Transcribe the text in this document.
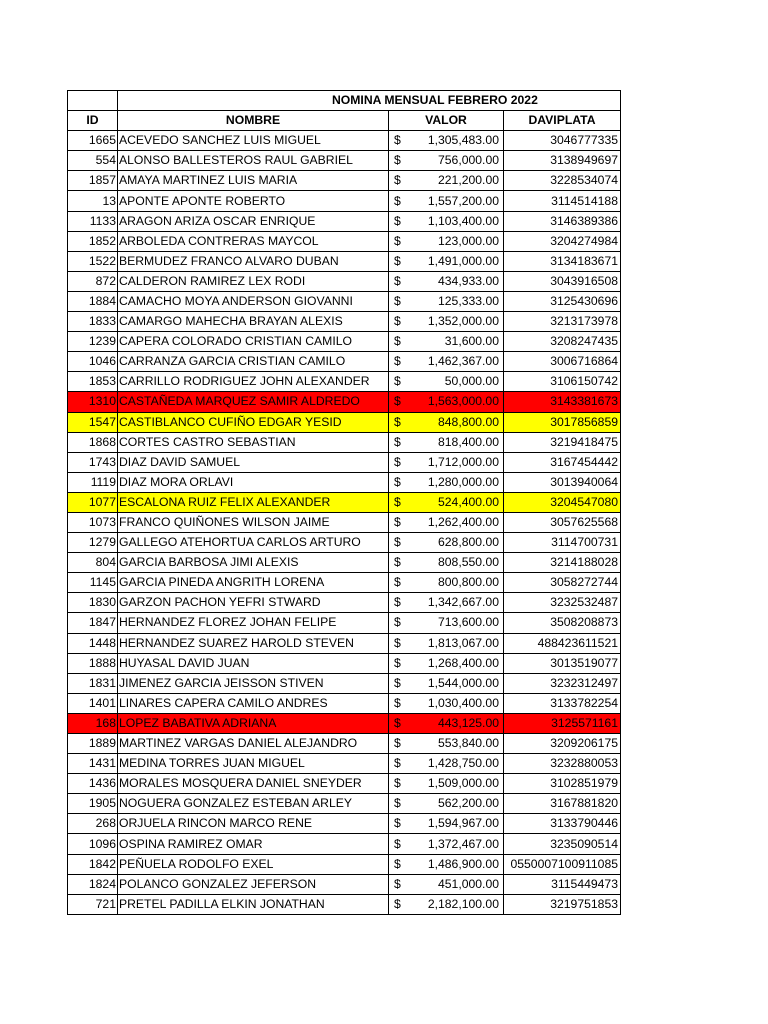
	NOMINA MENSUAL FEBRERO 2022			
ID	NOMBRE	VALOR		DAVIPLATA
1665	ACEVEDO SANCHEZ LUIS MIGUEL	$	1,305,483.00	3046777335
554	ALONSO BALLESTEROS RAUL GABRIEL	$	756,000.00	3138949697
1857	AMAYA MARTINEZ LUIS MARIA	$	221,200.00	3228534074
13	APONTE APONTE ROBERTO	$	1,557,200.00	3114514188
1133	ARAGON ARIZA OSCAR ENRIQUE	$	1,103,400.00	3146389386
1852	ARBOLEDA CONTRERAS MAYCOL	$	123,000.00	3204274984
1522	BERMUDEZ FRANCO ALVARO DUBAN	$	1,491,000.00	3134183671
872	CALDERON RAMIREZ LEX RODI	$	434,933.00	3043916508
1884	CAMACHO MOYA ANDERSON GIOVANNI	$	125,333.00	3125430696
1833	CAMARGO MAHECHA BRAYAN ALEXIS	$	1,352,000.00	3213173978
1239	CAPERA COLORADO CRISTIAN CAMILO	$	31,600.00	3208247435
1046	CARRANZA GARCIA CRISTIAN CAMILO	$	1,462,367.00	3006716864
1853	CARRILLO RODRIGUEZ JOHN ALEXANDER	$	50,000.00	3106150742
1310	CASTAÑEDA MARQUEZ SAMIR ALDREDO	$	1,563,000.00	3143381673
1547	CASTIBLANCO CUFIÑO EDGAR YESID	$	848,800.00	3017856859
1868	CORTES CASTRO SEBASTIAN	$	818,400.00	3219418475
1743	DIAZ DAVID SAMUEL	$	1,712,000.00	3167454442
1119	DIAZ MORA ORLAVI	$	1,280,000.00	3013940064
1077	ESCALONA RUIZ FELIX ALEXANDER	$	524,400.00	3204547080
1073	FRANCO QUIÑONES WILSON JAIME	$	1,262,400.00	3057625568
1279	GALLEGO ATEHORTUA CARLOS ARTURO	$	628,800.00	3114700731
804	GARCIA BARBOSA JIMI ALEXIS	$	808,550.00	3214188028
1145	GARCIA PINEDA ANGRITH LORENA	$	800,800.00	3058272744
1830	GARZON PACHON YEFRI STWARD	$	1,342,667.00	3232532487
1847	HERNANDEZ FLOREZ JOHAN FELIPE	$	713,600.00	3508208873
1448	HERNANDEZ SUAREZ HAROLD STEVEN	$	1,813,067.00	488423611521
1888	HUYASAL DAVID JUAN	$	1,268,400.00	3013519077
1831	JIMENEZ GARCIA JEISSON STIVEN	$	1,544,000.00	3232312497
1401	LINARES CAPERA CAMILO ANDRES	$	1,030,400.00	3133782254
168	LOPEZ BABATIVA ADRIANA	$	443,125.00	3125571161
1889	MARTINEZ VARGAS DANIEL ALEJANDRO	$	553,840.00	3209206175
1431	MEDINA TORRES JUAN MIGUEL	$	1,428,750.00	3232880053
1436	MORALES MOSQUERA DANIEL SNEYDER	$	1,509,000.00	3102851979
1905	NOGUERA GONZALEZ ESTEBAN ARLEY	$	562,200.00	3167881820
268	ORJUELA RINCON MARCO RENE	$	1,594,967.00	3133790446
1096	OSPINA RAMIREZ OMAR	$	1,372,467.00	3235090514
1842	PEÑUELA RODOLFO EXEL	$	1,486,900.00	0550007100911085
1824	POLANCO GONZALEZ JEFERSON	$	451,000.00	3115449473
721	PRETEL PADILLA ELKIN JONATHAN	$	2,182,100.00	3219751853
